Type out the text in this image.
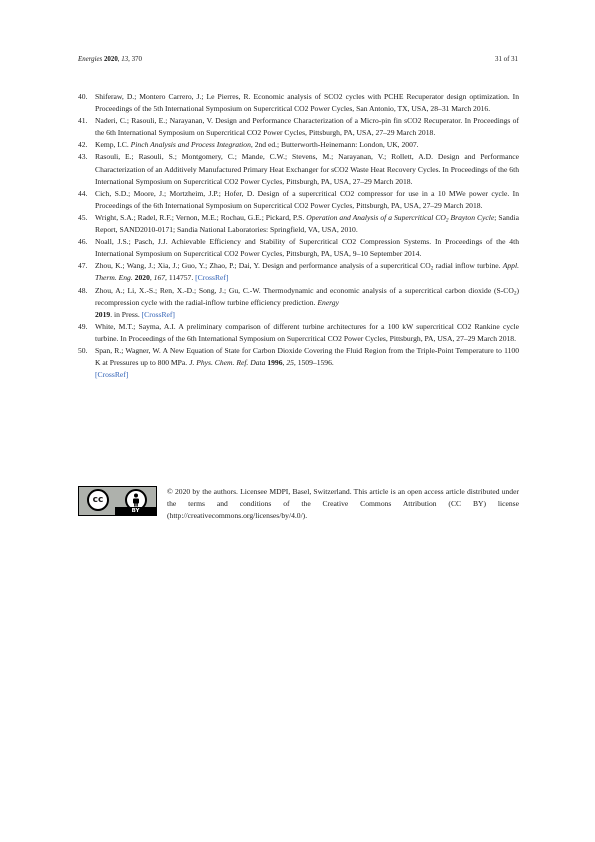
Energies 2020, 13, 370	31 of 31

40. Shiferaw, D.; Montero Carrero, J.; Le Pierres, R. Economic analysis of SCO2 cycles with PCHE Recuperator design optimization. In Proceedings of the 5th International Symposium on Supercritical CO2 Power Cycles, San Antonio, TX, USA, 28–31 March 2016.

41. Naderi, C.; Rasouli, E.; Narayanan, V. Design and Performance Characterization of a Micro-pin fin sCO2 Recuperator. In Proceedings of the 6th International Symposium on Supercritical CO2 Power Cycles, Pittsburgh, PA, USA, 27–29 March 2018.

42. Kemp, I.C. Pinch Analysis and Process Integration, 2nd ed.; Butterworth-Heinemann: London, UK, 2007.

43. Rasouli, E.; Rasouli, S.; Montgomery, C.; Mande, C.W.; Stevens, M.; Narayanan, V.; Rollett, A.D. Design and Performance Characterization of an Additively Manufactured Primary Heat Exchanger for sCO2 Waste Heat Recovery Cycles. In Proceedings of the 6th International Symposium on Supercritical CO2 Power Cycles, Pittsburgh, PA, USA, 27–29 March 2018.

44. Cich, S.D.; Moore, J.; Mortzheim, J.P.; Hofer, D. Design of a supercritical CO2 compressor for use in a 10 MWe power cycle. In Proceedings of the 6th International Symposium on Supercritical CO2 Power Cycles, Pittsburgh, PA, USA, 27–29 March 2018.

45. Wright, S.A.; Radel, R.F.; Vernon, M.E.; Rochau, G.E.; Pickard, P.S. Operation and Analysis of a Supercritical $CO_2$ Brayton Cycle; Sandia Report, SAND2010-0171; Sandia National Laboratories: Springfield, VA, USA, 2010.

46. Noall, J.S.; Pasch, J.J. Achievable Efficiency and Stability of Supercritical CO2 Compression Systems. In Proceedings of the 4th International Symposium on Supercritical CO2 Power Cycles, Pittsburgh, PA, USA, 9–10 September 2014.

47. Zhou, K.; Wang, J.; Xia, J.; Guo, Y.; Zhao, P.; Dai, Y. Design and performance analysis of a supercritical $CO_2$ radial inflow turbine. Appl. Therm. Eng. 2020, 167, 114757. [CrossRef]

48. Zhou, A.; Li, X.-S.; Ren, X.-D.; Song, J.; Gu, C.-W. Thermodynamic and economic analysis of a supercritical carbon dioxide $(S-CO_2)$ recompression cycle with the radial-inflow turbine efficiency prediction. Energy
2019. in Press. [CrossRef]

49. White, M.T.; Sayma, A.I. A preliminary comparison of different turbine architectures for a 100 kW supercritical CO2 Rankine cycle turbine. In Proceedings of the 6th International Symposium on Supercritical CO2 Power Cycles, Pittsburgh, PA, USA, 27–29 March 2018.

50. Span, R.; Wagner, W. A New Equation of State for Carbon Dioxide Covering the Fluid Region from the Triple-Point Temperature to 1100 K at Pressures up to 800 MPa. J. Phys. Chem. Ref. Data 1996, 25, 1509–1596.
[CrossRef]

cc
BY
© 2020 by the authors. Licensee MDPI, Basel, Switzerland. This article is an open access article distributed under the terms and conditions of the Creative Commons Attribution (CC BY) license (http://creativecommons.org/licenses/by/4.0/).
